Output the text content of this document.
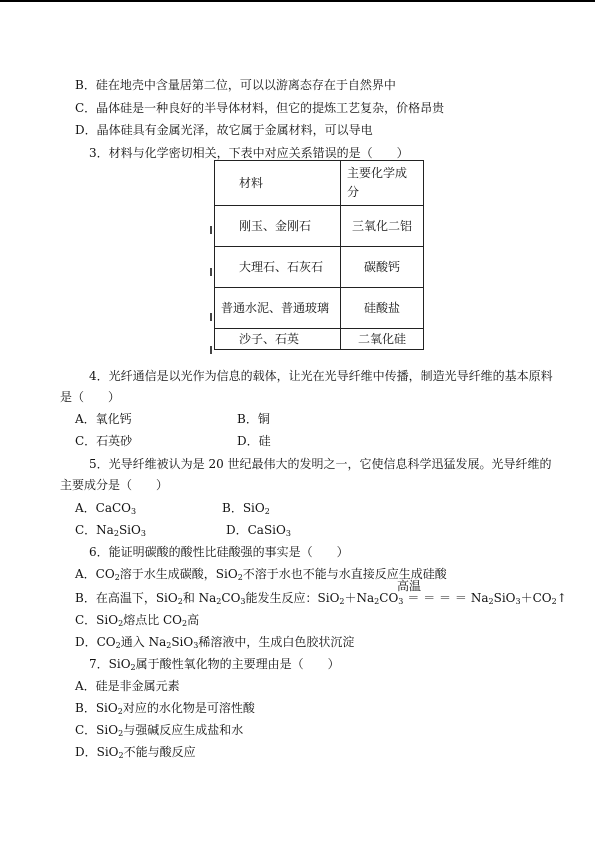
B．硅在地壳中含量居第二位，可以以游离态存在于自然界中
C．晶体硅是一种良好的半导体材料，但它的提炼工艺复杂，价格昂贵
D．晶体硅具有金属光泽，故它属于金属材料，可以导电
3．材料与化学密切相关，下表中对应关系错误的是（　　）
材料	主要化学成分
刚玉、金刚石	三氧化二铝
大理石、石灰石	碳酸钙
普通水泥、普通玻璃	硅酸盐
沙子、石英	二氧化硅
4．光纤通信是以光作为信息的载体，让光在光导纤维中传播，制造光导纤维的基本原料
是（　　）
A．氧化钙	B．铜
C．石英砂	D．硅
5．光导纤维被认为是 20 世纪最伟大的发明之一，它使信息科学迅猛发展。光导纤维的
主要成分是（　　）
A．CaCO$_3$	B．SiO$_2$
C．$Na_2SiO_3$	D．CaSiO$_3$
6．能证明碳酸的酸性比硅酸强的事实是（　　）
A．$CO_2$溶于水生成碳酸，SiO$_2$不溶于水也不能与水直接反应生成硅酸
高温
B．在高温下，SiO$_2$和 $Na_2CO_3$能发生反应：$SiO_2+Na_2CO_3$ ＝ ＝ ＝ ＝ $Na_2SiO_3+CO_2↑$
C．SiO$_2$熔点比 $CO_2$高
D．$CO_2$通入 $Na_2SiO_3$稀溶液中，生成白色胶状沉淀
7．SiO$_2$属于酸性氧化物的主要理由是（　　）
A．硅是非金属元素
B．SiO$_2$对应的水化物是可溶性酸
C．SiO$_2$与强碱反应生成盐和水
D．SiO$_2$不能与酸反应
